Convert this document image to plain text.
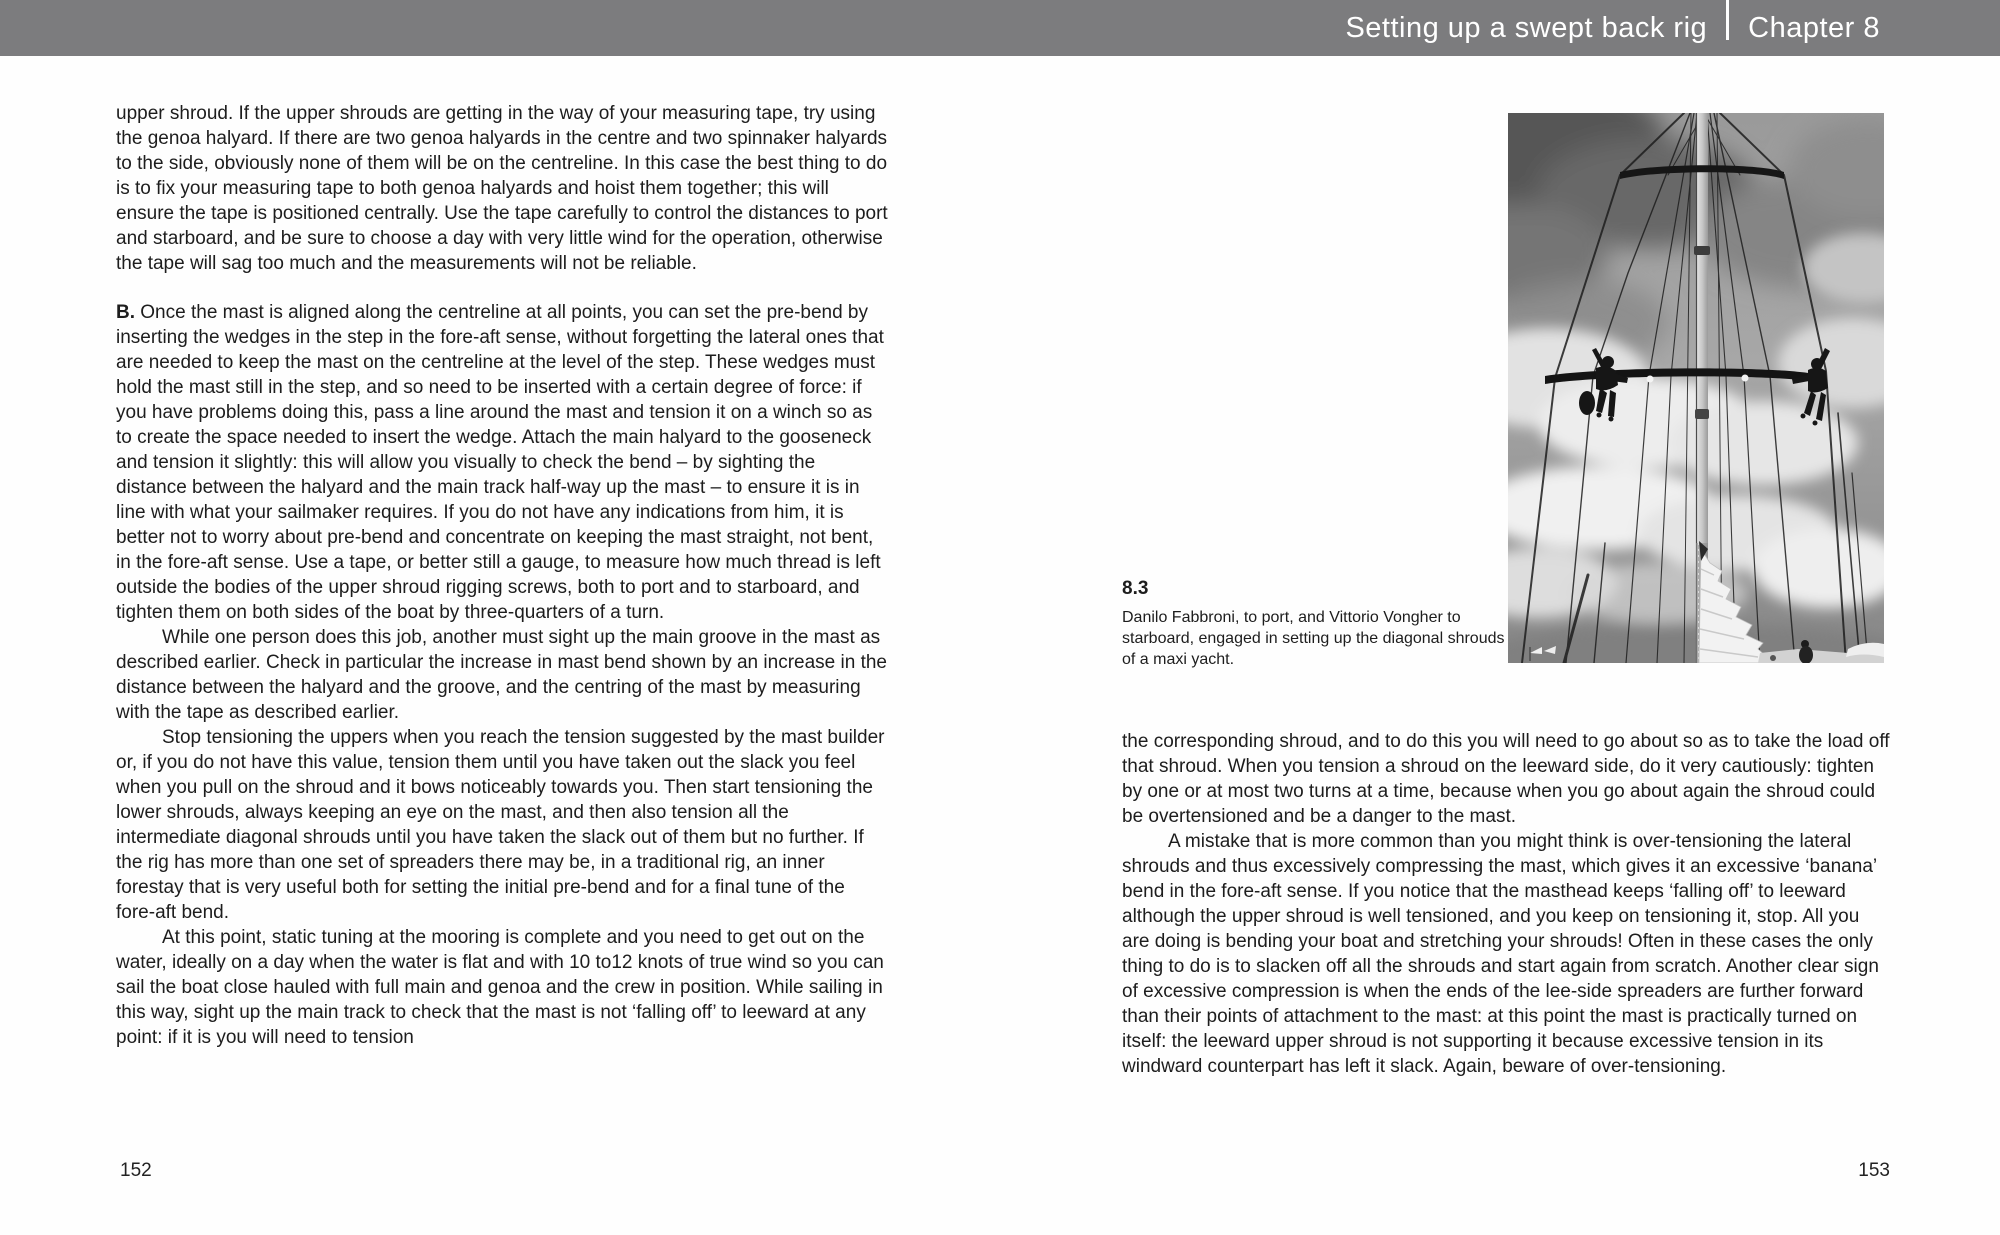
Setting up a swept back rig Chapter 8

upper shroud. If the upper shrouds are getting in the way of your measuring tape, try using the genoa halyard. If there are two genoa halyards in the centre and two spinnaker halyards to the side, obviously none of them will be on the centreline. In this case the best thing to do is to fix your measuring tape to both genoa halyards and hoist them together; this will ensure the tape is positioned centrally. Use the tape carefully to control the distances to port and starboard, and be sure to choose a day with very little wind for the operation, otherwise the tape will sag too much and the measurements will not be reliable.

B. Once the mast is aligned along the centreline at all points, you can set the pre-bend by inserting the wedges in the step in the fore-aft sense, without forgetting the lateral ones that are needed to keep the mast on the centreline at the level of the step. These wedges must hold the mast still in the step, and so need to be inserted with a certain degree of force: if you have problems doing this, pass a line around the mast and tension it on a winch so as to create the space needed to insert the wedge. Attach the main halyard to the gooseneck and tension it slightly: this will allow you visually to check the bend – by sighting the distance between the halyard and the main track half-way up the mast – to ensure it is in line with what your sailmaker requires. If you do not have any indications from him, it is better not to worry about pre-bend and concentrate on keeping the mast straight, not bent, in the fore-aft sense. Use a tape, or better still a gauge, to measure how much thread is left outside the bodies of the upper shroud rigging screws, both to port and to starboard, and tighten them on both sides of the boat by three-quarters of a turn.

While one person does this job, another must sight up the main groove in the mast as described earlier. Check in particular the increase in mast bend shown by an increase in the distance between the halyard and the groove, and the centring of the mast by measuring with the tape as described earlier.

Stop tensioning the uppers when you reach the tension suggested by the mast builder or, if you do not have this value, tension them until you have taken out the slack you feel when you pull on the shroud and it bows noticeably towards you. Then start tensioning the lower shrouds, always keeping an eye on the mast, and then also tension all the intermediate diagonal shrouds until you have taken the slack out of them but no further. If the rig has more than one set of spreaders there may be, in a traditional rig, an inner forestay that is very useful both for setting the initial pre-bend and for a final tune of the fore-aft bend.

At this point, static tuning at the mooring is complete and you need to get out on the water, ideally on a day when the water is flat and with 10 to12 knots of true wind so you can sail the boat close hauled with full main and genoa and the crew in position. While sailing in this way, sight up the main track to check that the mast is not ‘falling off’ to leeward at any point: if it is you will need to tension

152
8.3
Danilo Fabbroni, to port, and Vittorio Vongher to starboard, engaged in setting up the diagonal shrouds of a maxi yacht.

the corresponding shroud, and to do this you will need to go about so as to take the load off that shroud. When you tension a shroud on the leeward side, do it very cautiously: tighten by one or at most two turns at a time, because when you go about again the shroud could be overtensioned and be a danger to the mast.

A mistake that is more common than you might think is over-tensioning the lateral shrouds and thus excessively compressing the mast, which gives it an excessive ‘banana’ bend in the fore-aft sense. If you notice that the masthead keeps ‘falling off’ to leeward although the upper shroud is well tensioned, and you keep on tensioning it, stop. All you are doing is bending your boat and stretching your shrouds! Often in these cases the only thing to do is to slacken off all the shrouds and start again from scratch. Another clear sign of excessive compression is when the ends of the lee-side spreaders are further forward than their points of attachment to the mast: at this point the mast is practically turned on itself: the leeward upper shroud is not supporting it because excessive tension in its windward counterpart has left it slack. Again, beware of over-tensioning.

153
